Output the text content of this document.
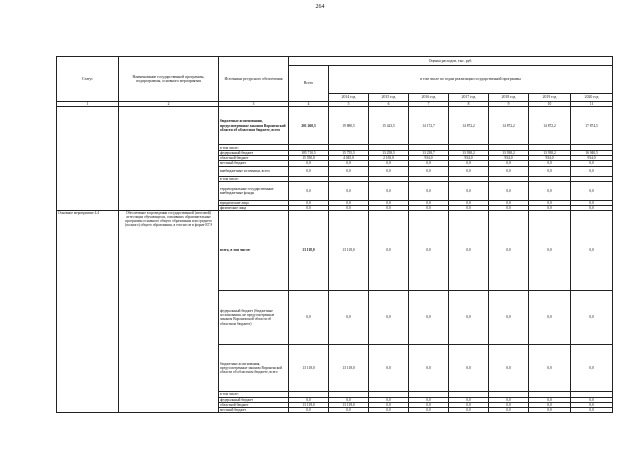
264
Статус	Наименование государственной программы, подпрограммы, основного мероприятия	Источники ресурсного обеспечения	Оценка расходов, тыс. руб.							
			Всего	в том числе по годам реализации государственной программы						
				2014 год	2015 год	2016 год	2017 год	2018 год	2019 год	2020 год
1	2	3	4	5	6	7	8	9	10	11
		бюджетные ассигнования, предусмотренные законом Воронежской области об областном бюджете, всего	201 260,3	19 880,5	15 423,5	14 172,7	14 872,2	14 872,2	14 872,2	17 874,5
		в том числе:								
		федеральный бюджет	185 710,5	15 755,5	13 258,5	13 238,7	13 938,2	13 938,2	13 938,2	16 940,5
		областной бюджет	15 550,0	4 045,0	2 165,0	934,0	934,0	934,0	934,0	934,0
		местный бюджет	0,0	0,0	0,0	0,0	0,0	0,0	0,0	0,0
		внебюджетные источники, всего	0,0	0,0	0,0	0,0	0,0	0,0	0,0	0,0
		в том числе:								
		территориальные государственные внебюджетные фонды	0,0	0,0	0,0	0,0	0,0	0,0	0,0	0,0
		юридические лица	0,0	0,0	0,0	0,0	0,0	0,0	0,0	0,0
		физические лица	0,0	0,0	0,0	0,0	0,0	0,0	0,0	0,0
Основное мероприятие 4.4	Обеспечение в проведении государственной (итоговой) аттестации обучающихся, освоивших образовательные программы основного общего образования или среднего (полного) общего образования, в том числе в форме ЕГЭ	всего, в том числе:	13 118,0	13 118,0	0,0	0,0	0,0	0,0	0,0	0,0
		федеральный бюджет (бюджетные ассигнования, не предусмотренные законом Воронежской области об областном бюджете)	0,0	0,0	0,0	0,0	0,0	0,0	0,0	0,0
		бюджетные ассигнования, предусмотренные законом Воронежской области об областном бюджете, всего	13 118,0	13 118,0	0,0	0,0	0,0	0,0	0,0	0,0
		в том числе:								
		федеральный бюджет	0,0	0,0	0,0	0,0	0,0	0,0	0,0	0,0
		областной бюджет	13 118,0	13 118,0	0,0	0,0	0,0	0,0	0,0	0,0
		местный бюджет	0,0	0,0	0,0	0,0	0,0	0,0	0,0	0,0
